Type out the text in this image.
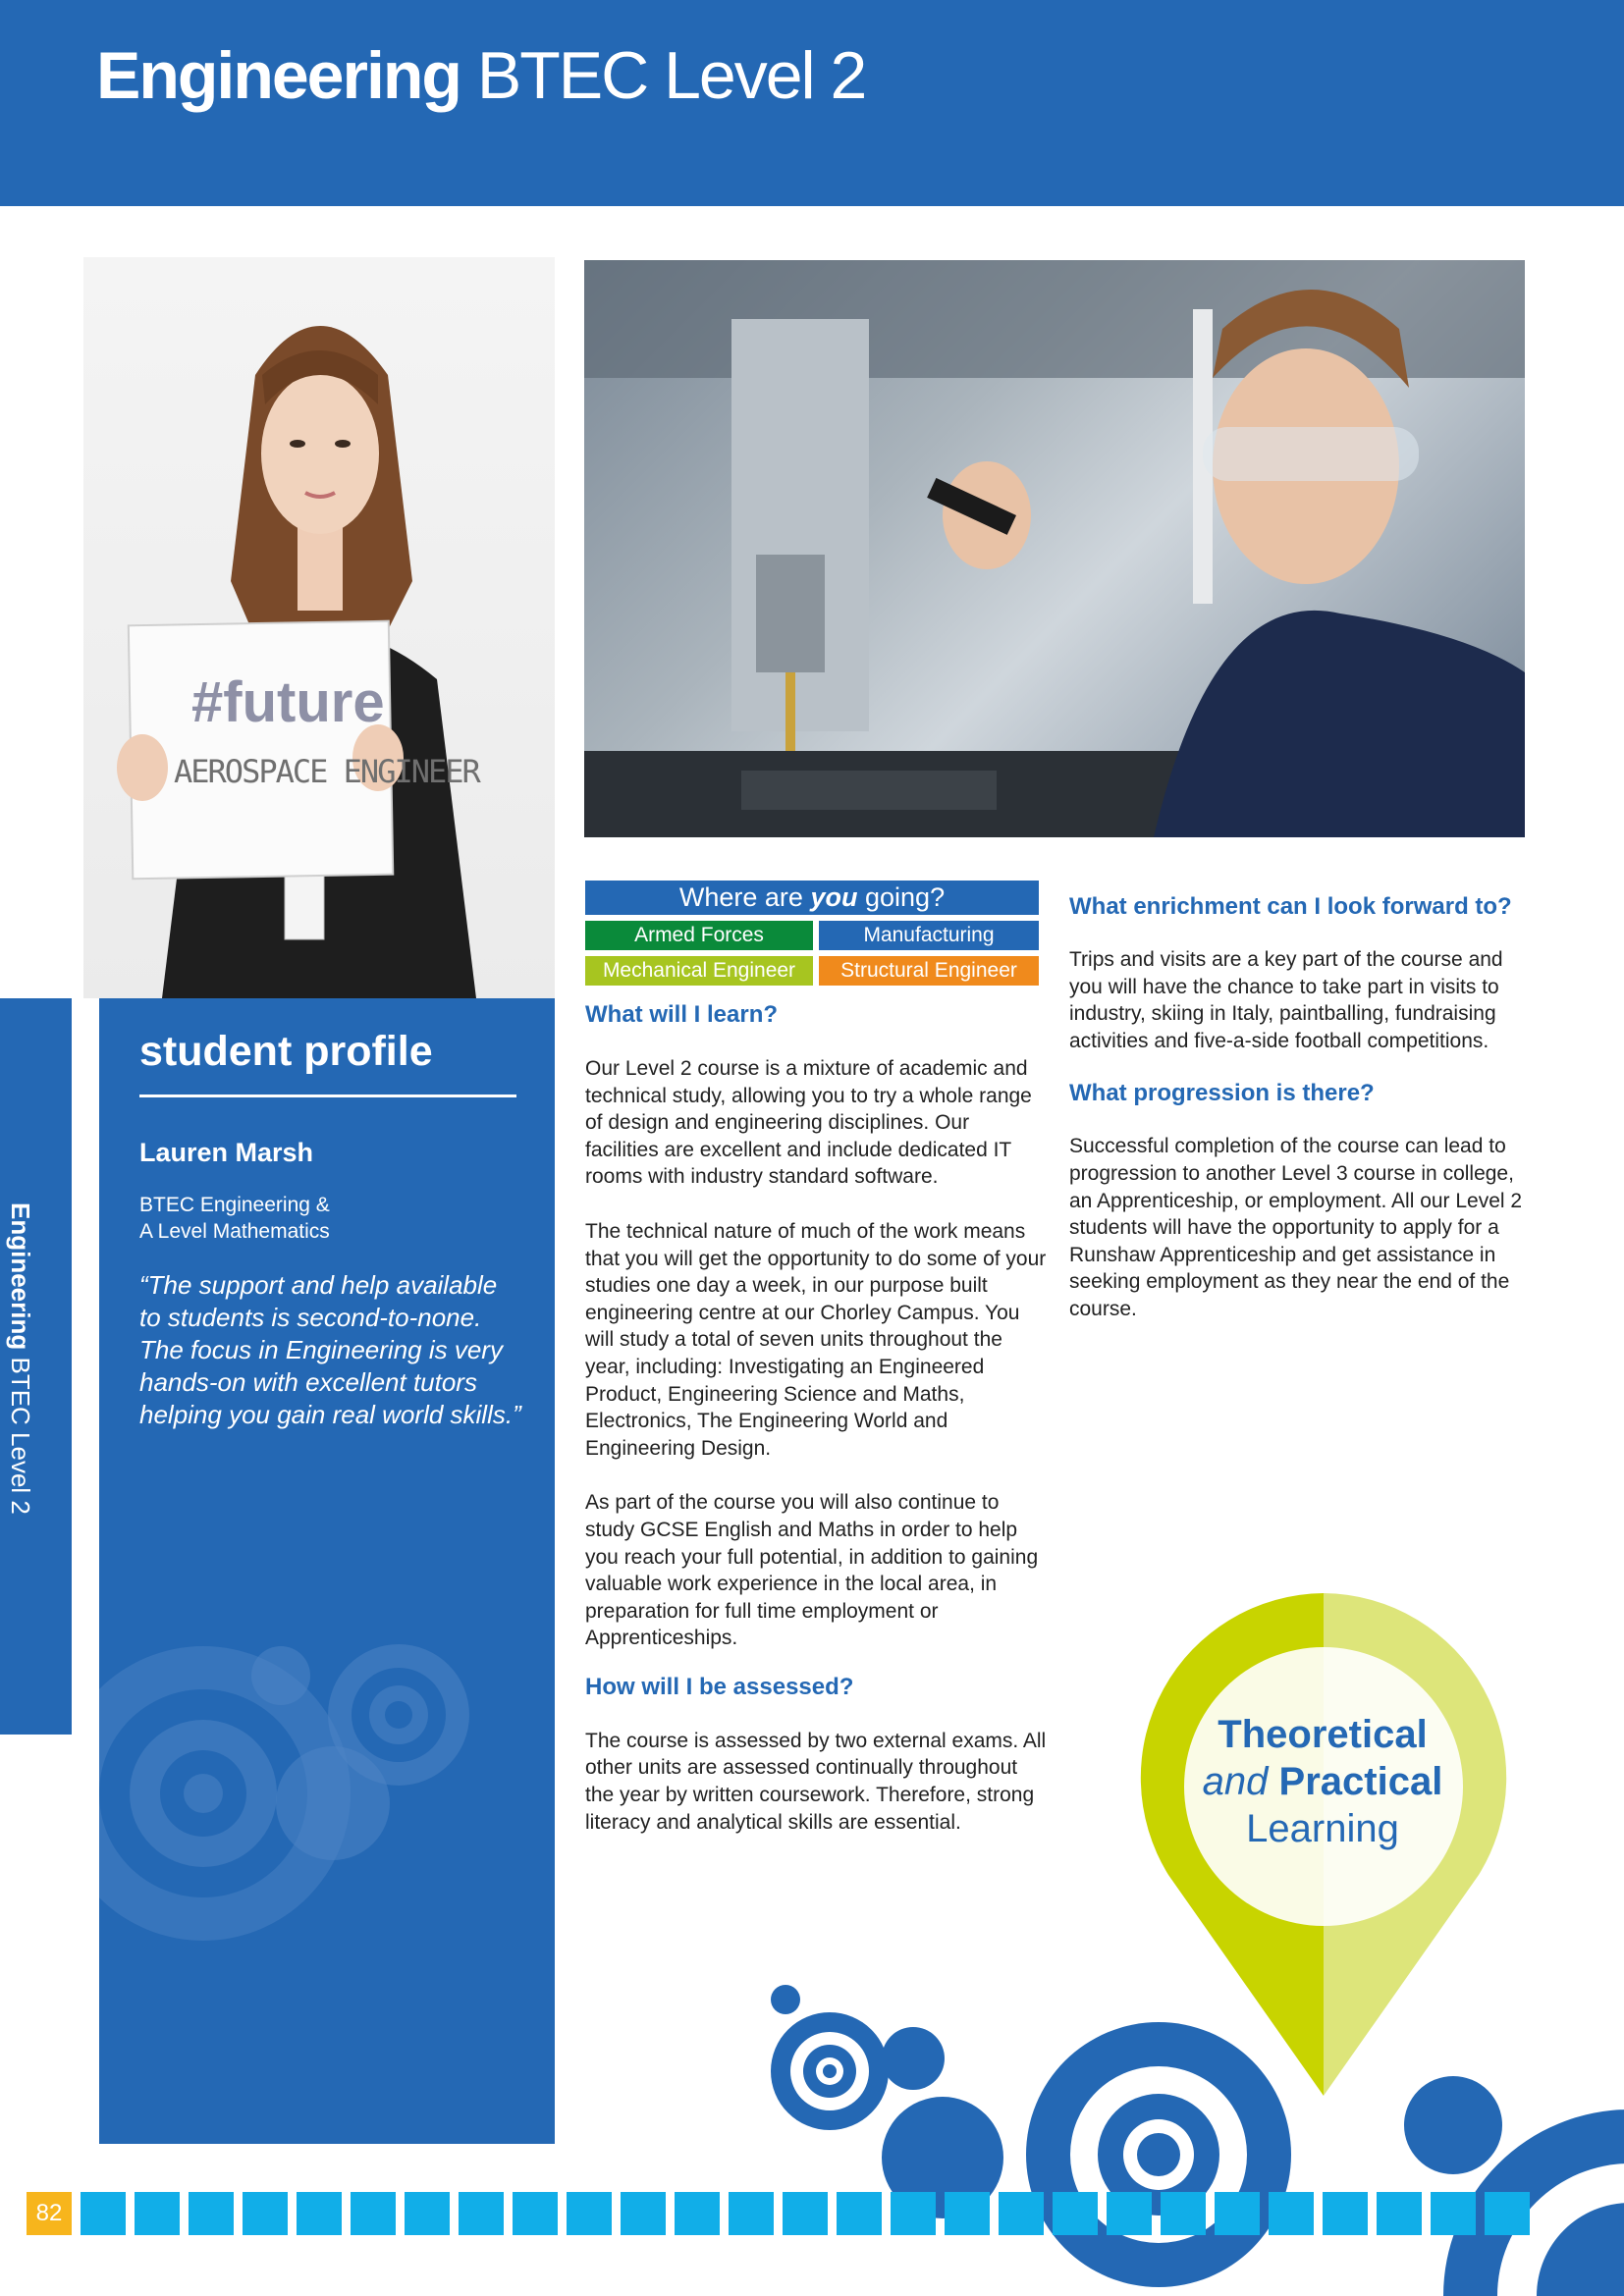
Engineering BTEC Level 2
#future
AEROSPACE ENGINEER
Engineering BTEC Level 2
student profile
Lauren Marsh
BTEC Engineering &
A Level Mathematics
“The support and help available to students is second-to-none. The focus in Engineering is very hands-on with excellent tutors helping you gain real world skills.”
Where are you going?
Armed Forces	Manufacturing
Mechanical Engineer	Structural Engineer
What will I learn?

Our Level 2 course is a mixture of academic and technical study, allowing you to try a whole range of design and engineering disciplines. Our facilities are excellent and include dedicated IT rooms with industry standard software.

The technical nature of much of the work means that you will get the opportunity to do some of your studies one day a week, in our purpose built engineering centre at our Chorley Campus. You will study a total of seven units throughout the year, including: Investigating an Engineered Product, Engineering Science and Maths, Electronics, The Engineering World and Engineering Design.

As part of the course you will also continue to study GCSE English and Maths in order to help you reach your full potential, in addition to gaining valuable work experience in the local area, in preparation for full time employment or Apprenticeships.

How will I be assessed?

The course is assessed by two external exams. All other units are assessed continually throughout the year by written coursework. Therefore, strong literacy and analytical skills are essential.

What enrichment can I look forward to?

Trips and visits are a key part of the course and you will have the chance to take part in visits to industry, skiing in Italy, paintballing, fundraising activities and five-a-side football competitions.

What progression is there?

Successful completion of the course can lead to progression to another Level 3 course in college, an Apprenticeship, or employment. All our Level 2 students will have the opportunity to apply for a Runshaw Apprenticeship and get assistance in seeking employment as they near the end of the course.

Theoretical
and Practical
Learning
82
